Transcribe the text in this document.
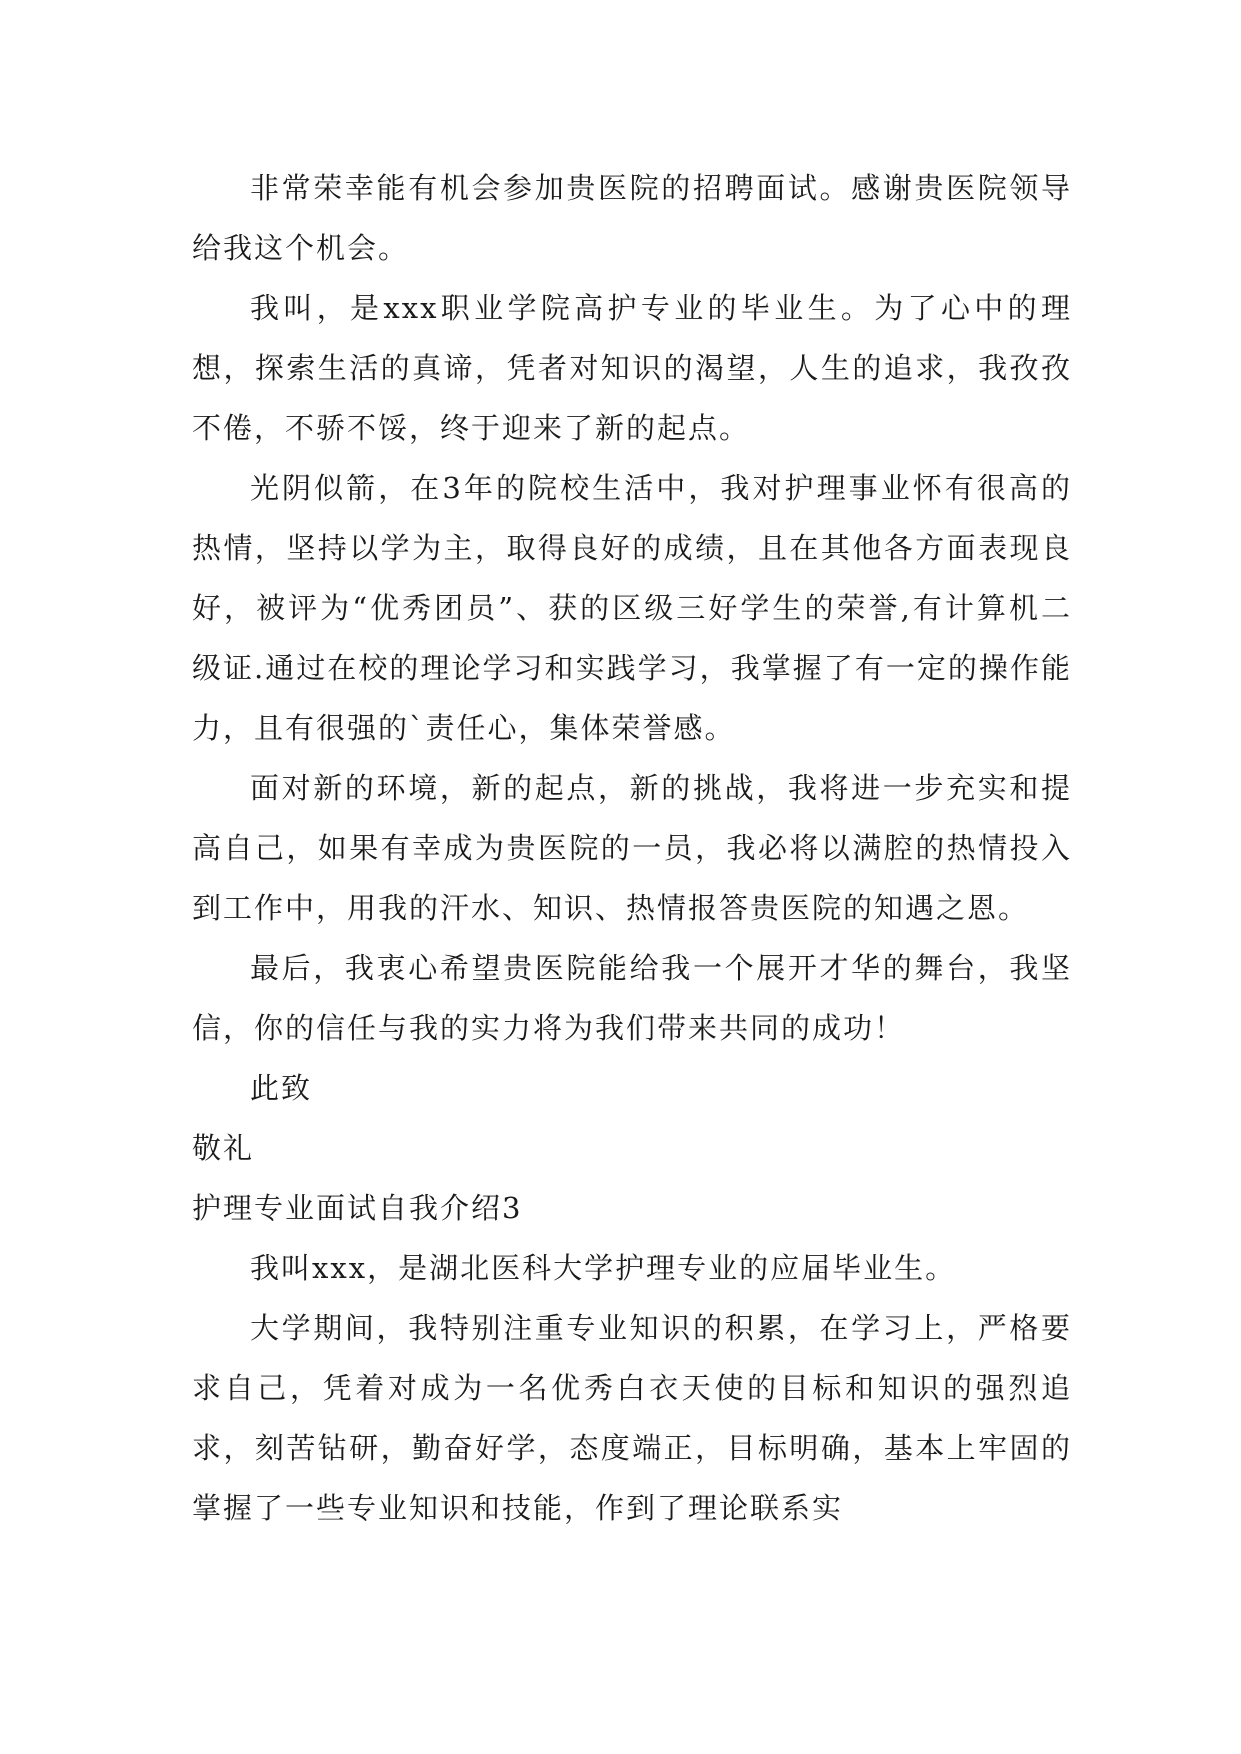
非常荣幸能有机会参加贵医院的招聘面试。感谢贵医院领导给我这个机会。

我叫，是xxx职业学院高护专业的毕业生。为了心中的理想，探索生活的真谛，凭者对知识的渴望，人生的追求，我孜孜不倦，不骄不馁，终于迎来了新的起点。

光阴似箭，在3年的院校生活中，我对护理事业怀有很高的热情，坚持以学为主，取得良好的成绩，且在其他各方面表现良好，被评为“优秀团员”、获的区级三好学生的荣誉,有计算机二级证.通过在校的理论学习和实践学习，我掌握了有一定的操作能力，且有很强的`责任心，集体荣誉感。

面对新的环境，新的起点，新的挑战，我将进一步充实和提高自己，如果有幸成为贵医院的一员，我必将以满腔的热情投入到工作中，用我的汗水、知识、热情报答贵医院的知遇之恩。

最后，我衷心希望贵医院能给我一个展开才华的舞台，我坚信，你的信任与我的实力将为我们带来共同的成功！

此致

敬礼

护理专业面试自我介绍3

我叫xxx，是湖北医科大学护理专业的应届毕业生。

大学期间，我特别注重专业知识的积累，在学习上，严格要求自己，凭着对成为一名优秀白衣天使的目标和知识的强烈追求，刻苦钻研，勤奋好学，态度端正，目标明确，基本上牢固的掌握了一些专业知识和技能，作到了理论联系实
